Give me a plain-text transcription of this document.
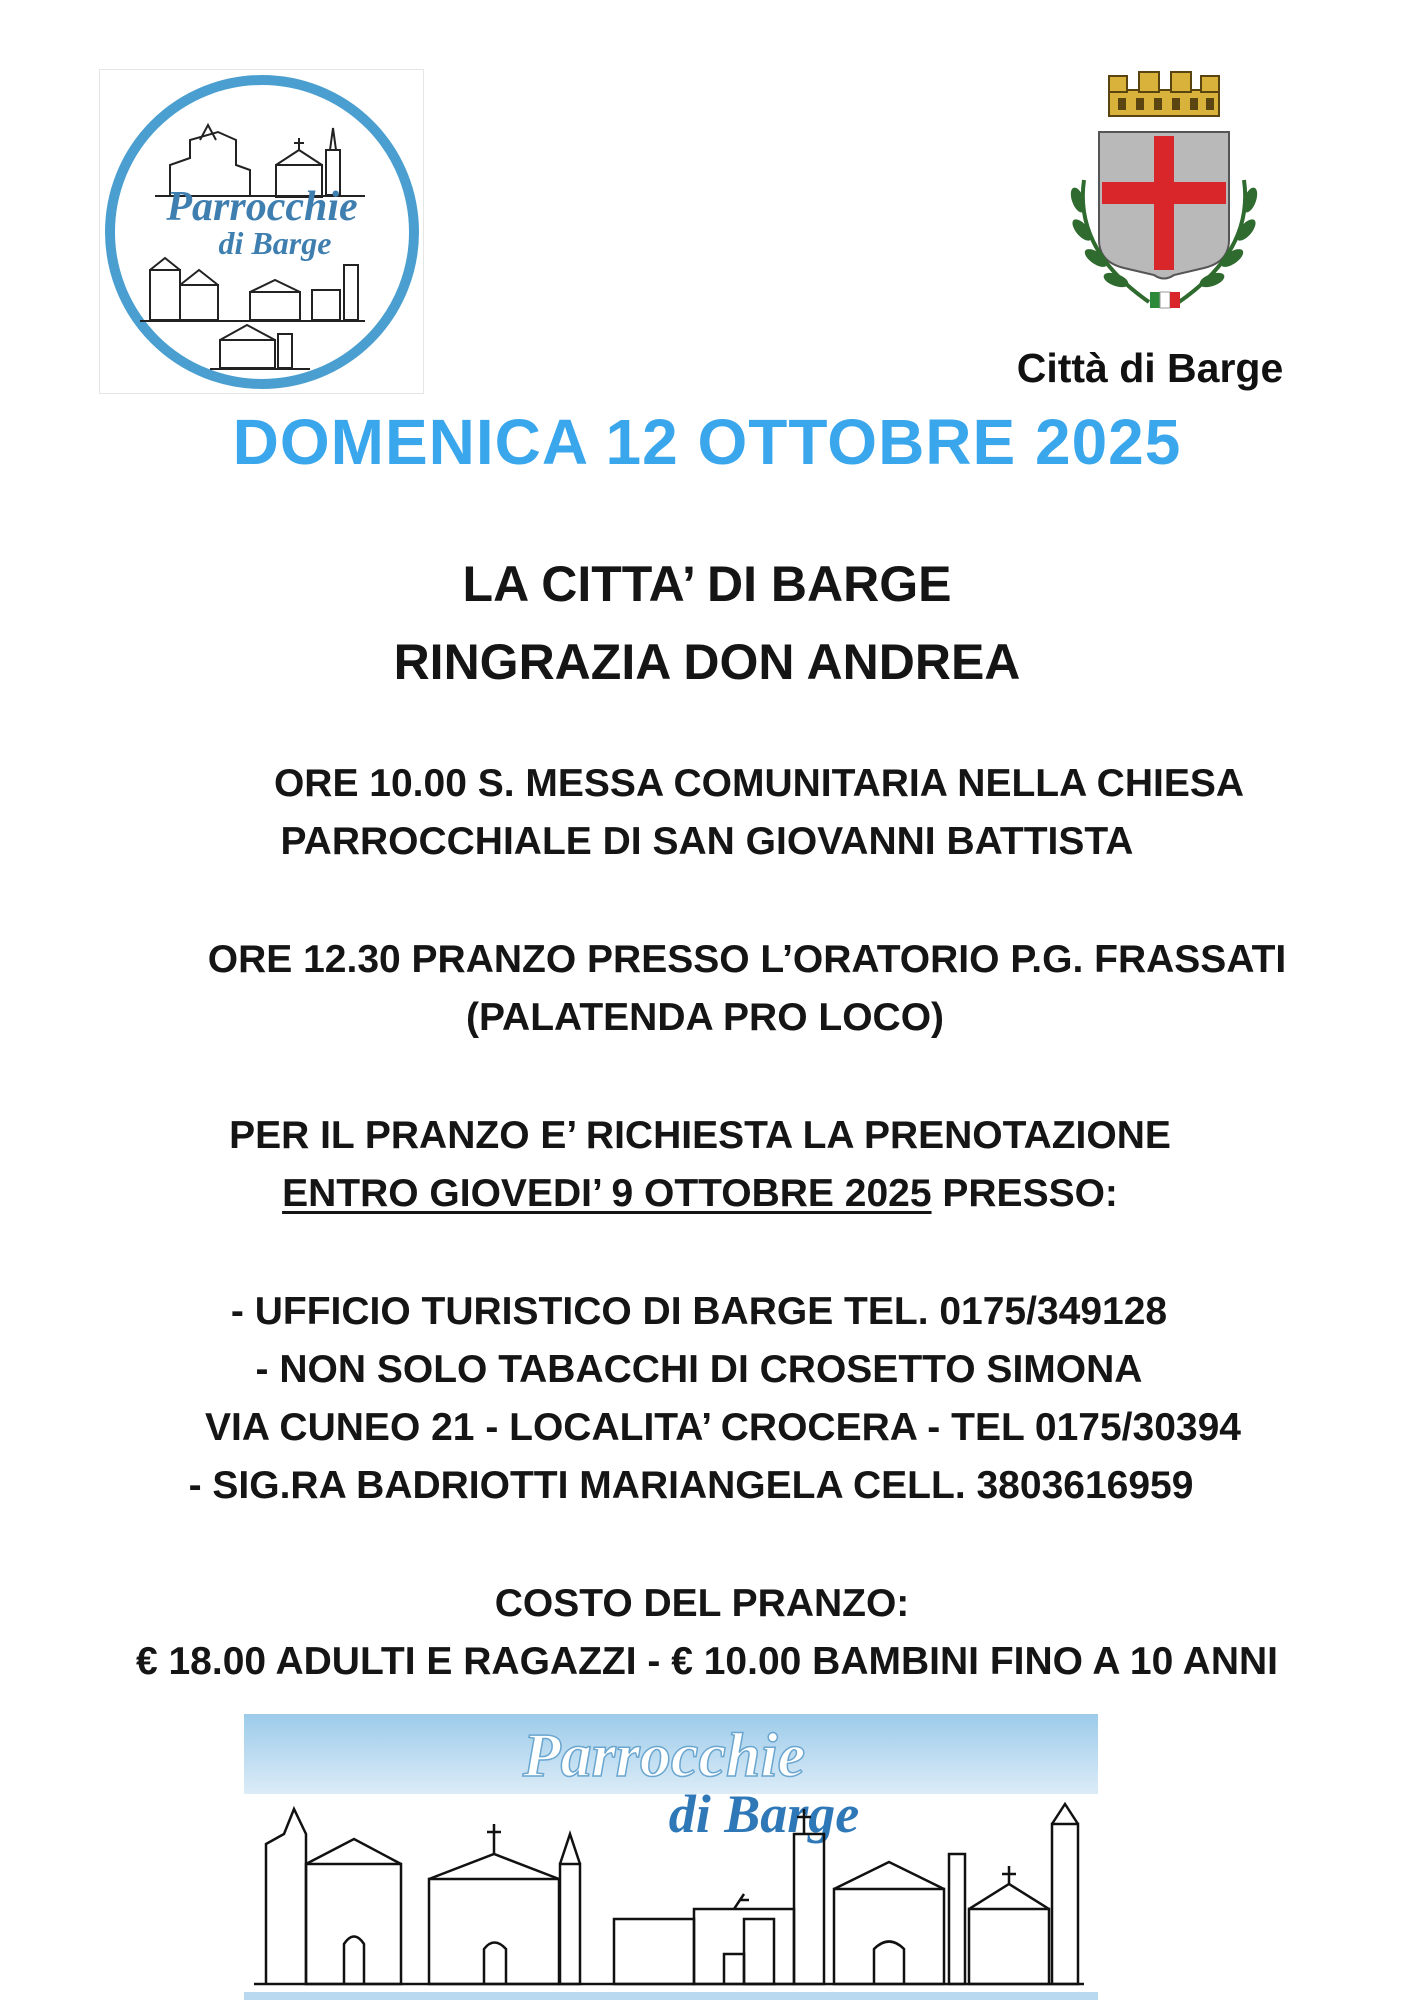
Parrocchie
di Barge
Città di Barge
DOMENICA 12 OTTOBRE 2025
LA CITTA’ DI BARGE
RINGRAZIA DON ANDREA
ORE 10.00 S. MESSA COMUNITARIA NELLA CHIESA
PARROCCHIALE DI SAN GIOVANNI BATTISTA
ORE 12.30 PRANZO PRESSO L’ORATORIO P.G. FRASSATI
(PALATENDA PRO LOCO)
PER IL PRANZO E’ RICHIESTA LA PRENOTAZIONE
ENTRO GIOVEDI’ 9 OTTOBRE 2025 PRESSO:
- UFFICIO TURISTICO DI BARGE TEL. 0175/349128
- NON SOLO TABACCHI DI CROSETTO SIMONA
VIA CUNEO 21 - LOCALITA’ CROCERA - TEL 0175/30394
- SIG.RA BADRIOTTI MARIANGELA CELL. 3803616959
COSTO DEL PRANZO:
€ 18.00 ADULTI E RAGAZZI - € 10.00 BAMBINI FINO A 10 ANNI
Parrocchie
di Barge
